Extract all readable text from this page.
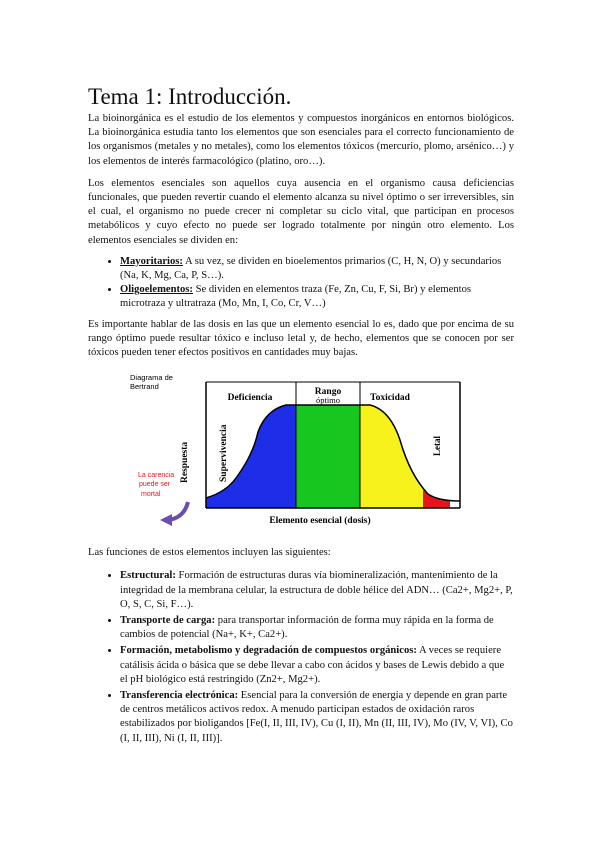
Tema 1: Introducción.

La bioinorgánica es el estudio de los elementos y compuestos inorgánicos en entornos biológicos. La bioinorgánica estudia tanto los elementos que son esenciales para el correcto funcionamiento de los organismos (metales y no metales), como los elementos tóxicos (mercurio, plomo, arsénico…) y los elementos de interés farmacológico (platino, oro…).

Los elementos esenciales son aquellos cuya ausencia en el organismo causa deficiencias funcionales, que pueden revertir cuando el elemento alcanza su nivel óptimo o ser irreversibles, sin el cual, el organismo no puede crecer ni completar su ciclo vital, que participan en procesos metabólicos y cuyo efecto no puede ser logrado totalmente por ningún otro elemento. Los elementos esenciales se dividen en:

• Mayoritarios: A su vez, se dividen en bioelementos primarios (C, H, N, O) y secundarios (Na, K, Mg, Ca, P, S…).
• Oligoelementos: Se dividen en elementos traza (Fe, Zn, Cu, F, Si, Br) y elementos microtraza y ultratraza (Mo, Mn, I, Co, Cr, V…)

Es importante hablar de las dosis en las que un elemento esencial lo es, dado que por encima de su rango óptimo puede resultar tóxico e incluso letal y, de hecho, elementos que se conocen por ser tóxicos pueden tener efectos positivos en cantidades muy bajas.

Diagrama de
Bertrand
Deficiencia
Rango
óptimo	Toxicidad
Supervivencia
Respuesta	Letal
La carencia
puede ser
mortal
Elemento esencial (dosis)

Las funciones de estos elementos incluyen las siguientes:

• Estructural: Formación de estructuras duras vía biomineralización, mantenimiento de la integridad de la membrana celular, la estructura de doble hélice del ADN… (Ca2+, Mg2+, P, O, S, C, Si, F…).
• Transporte de carga: para transportar información de forma muy rápida en la forma de cambios de potencial (Na+, K+, Ca2+).
• Formación, metabolismo y degradación de compuestos orgánicos: A veces se requiere catálisis ácida o básica que se debe llevar a cabo con ácidos y bases de Lewis debido a que el pH biológico está restringido (Zn2+, Mg2+).
• Transferencia electrónica: Esencial para la conversión de energía y depende en gran parte de centros metálicos activos redox. A menudo participan estados de oxidación raros estabilizados por bioligandos [Fe(I, II, III, IV), Cu (I, II), Mn (II, III, IV), Mo (IV, V, VI), Co (I, II, III), Ni (I, II, III)].
